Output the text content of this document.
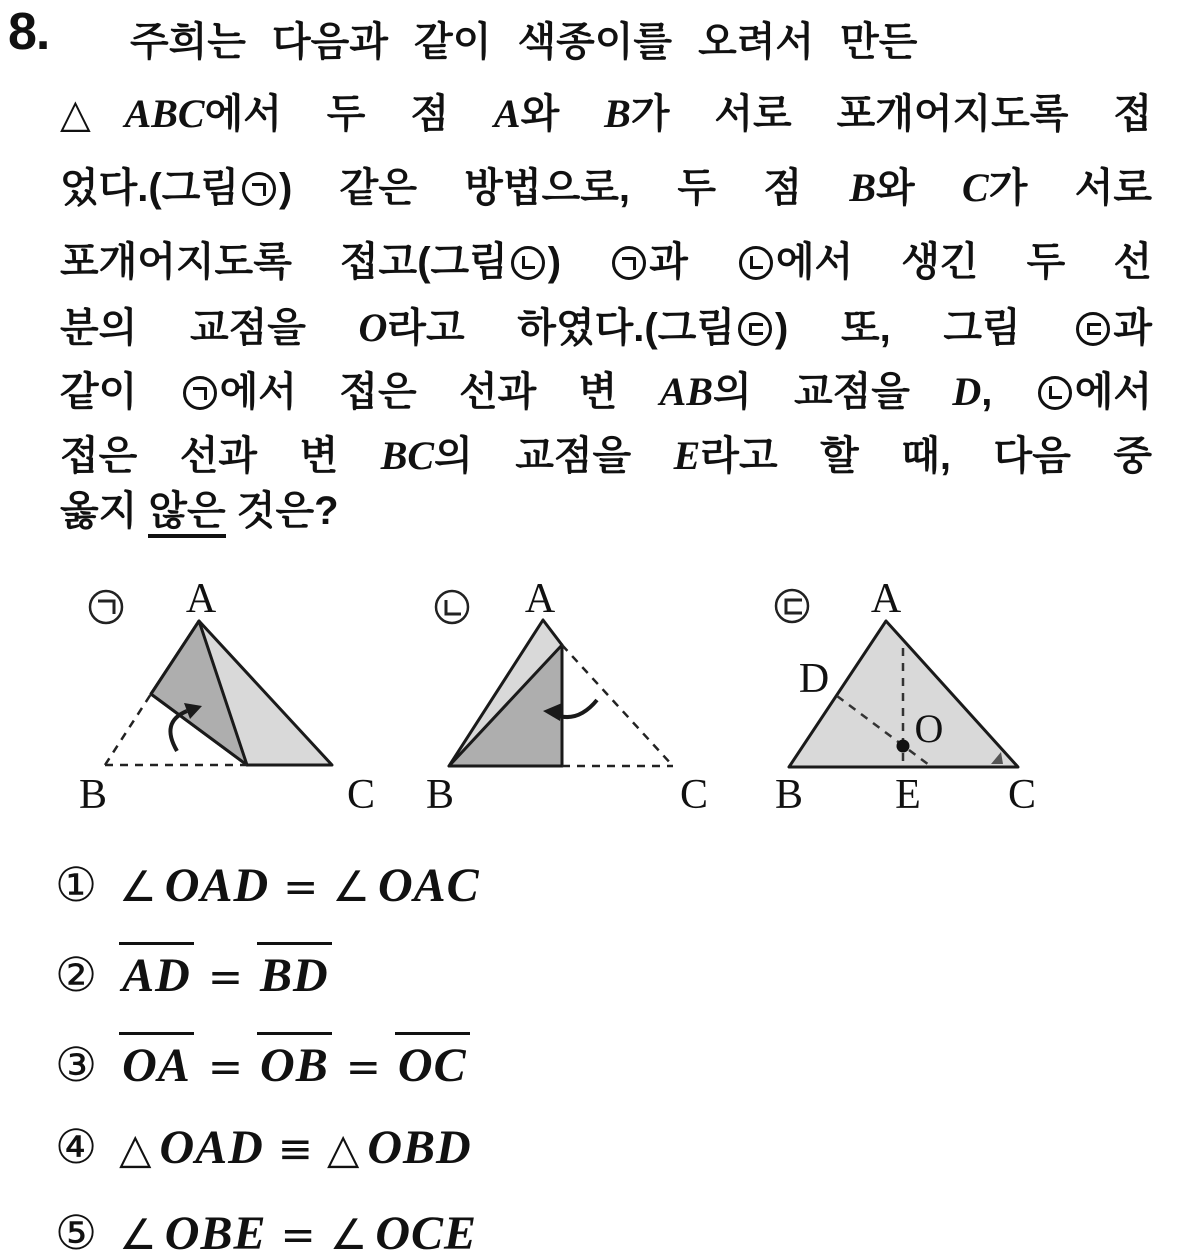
8. 주희는 다음과 같이 색종이를 오려서 만든
△ABC에서 두 점 A와 B가 서로 포개어지도록 접
었다.(그림 ) 같은 방법으로, 두 점 B와 C가 서로
포개어지도록 접고(그림 )
과
에서 생긴 두 선
분의 교점을 O라고 하였다.(그림 ) 또, 그림
과
같이
에서 접은 선과 변 AB의 교점을 D,
에서
접은 선과 변 BC의 교점을 E라고 할 때, 다음 중
옳지 않은 것은?
A
B	C
A
B	C
A
D
O
B E C
① ∠ OAD = ∠ OAC
② AD = BD
③ OA = OB = OC
④ △ OAD ≡ △ OBD
⑤ ∠ OBE = ∠ OCE
